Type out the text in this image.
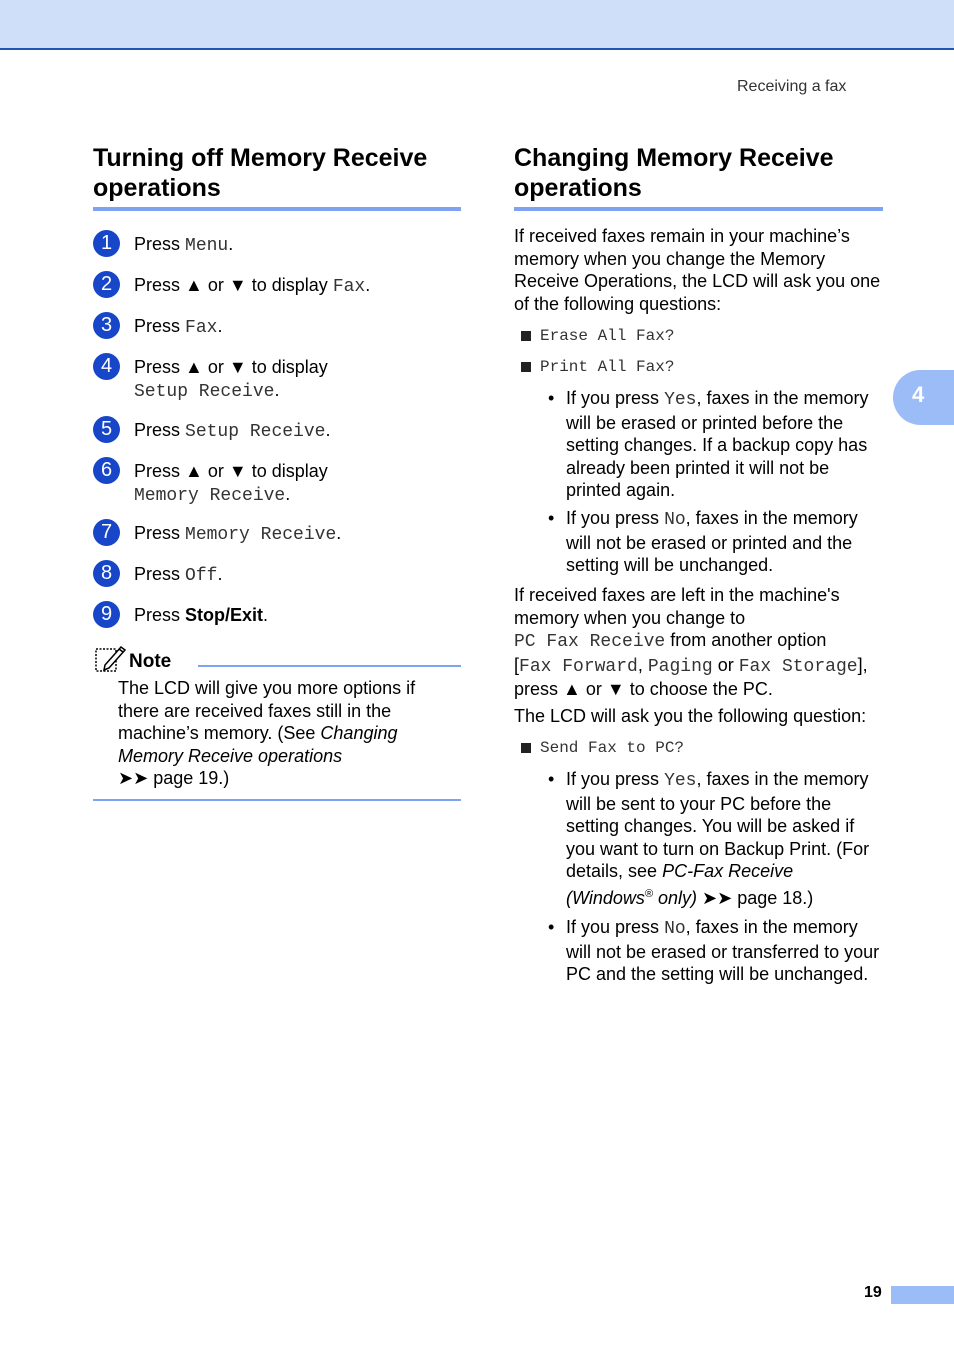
Receiving a fax
Turning off Memory Receive
operations
1	Press Menu.
2	Press ▲ or ▼ to display Fax.
3	Press Fax.
4	Press ▲ or ▼ to display
Setup Receive.
5	Press Setup Receive.
6	Press ▲ or ▼ to display
Memory Receive.
7	Press Memory Receive.
8	Press Off.
9	Press Stop/Exit.
Note
The LCD will give you more options if there are received faxes still in the machine’s memory. (See Changing Memory Receive operations
➤➤ page 19.)
Changing Memory Receive
operations
If received faxes remain in your machine’s memory when you change the Memory Receive Operations, the LCD will ask you one of the following questions:
Erase All Fax?
Print All Fax?
• If you press Yes, faxes in the memory will be erased or printed before the setting changes. If a backup copy has already been printed it will not be printed again.
• If you press No, faxes in the memory will not be erased or printed and the setting will be unchanged.
If received faxes are left in the machine's memory when you change to
PC Fax Receive from another option
[Fax Forward, Paging or Fax Storage],
press ▲ or ▼ to choose the PC.
The LCD will ask you the following question:
Send Fax to PC?
• If you press Yes, faxes in the memory will be sent to your PC before the setting changes. You will be asked if you want to turn on Backup Print. (For details, see PC-Fax Receive (Windows® only) ➤➤ page 18.)
• If you press No, faxes in the memory will not be erased or transferred to your PC and the setting will be unchanged.
4
19
